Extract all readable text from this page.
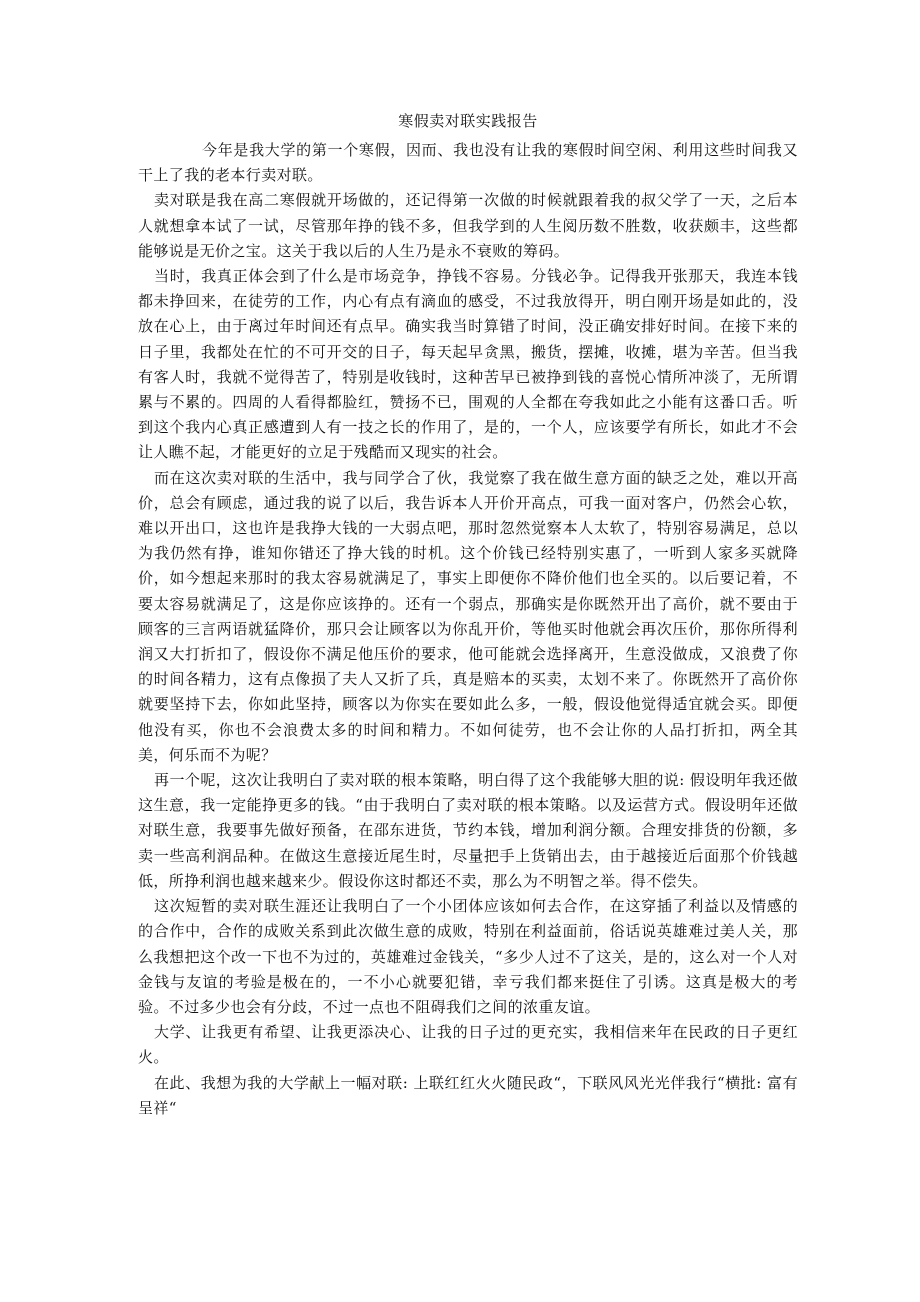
寒假卖对联实践报告

今年是我大学的第一个寒假，因而、我也没有让我的寒假时间空闲、利用这些时间我又干上了我的老本行卖对联。

卖对联是我在高二寒假就开场做的，还记得第一次做的时候就跟着我的叔父学了一天，之后本人就想拿本试了一试，尽管那年挣的钱不多，但我学到的人生阅历数不胜数，收获颇丰，这些都能够说是无价之宝。这关于我以后的人生乃是永不衰败的筹码。

当时，我真正体会到了什么是市场竞争，挣钱不容易。分钱必争。记得我开张那天，我连本钱都未挣回来，在徒劳的工作，内心有点有滴血的感受，不过我放得开，明白刚开场是如此的，没放在心上，由于离过年时间还有点早。确实我当时算错了时间，没正确安排好时间。在接下来的日子里，我都处在忙的不可开交的日子，每天起早贪黑，搬货，摆摊，收摊，堪为辛苦。但当我有客人时，我就不觉得苦了，特别是收钱时，这种苦早已被挣到钱的喜悦心情所冲淡了，无所谓累与不累的。四周的人看得都脸红，赞扬不已，围观的人全都在夸我如此之小能有这番口舌。听到这个我内心真正感遭到人有一技之长的作用了，是的，一个人，应该要学有所长，如此才不会让人瞧不起，才能更好的立足于残酷而又现实的社会。

而在这次卖对联的生活中，我与同学合了伙，我觉察了我在做生意方面的缺乏之处，难以开高价，总会有顾虑，通过我的说了以后，我告诉本人开价开高点，可我一面对客户，仍然会心软，难以开出口，这也许是我挣大钱的一大弱点吧，那时忽然觉察本人太软了，特别容易满足，总以为我仍然有挣，谁知你错还了挣大钱的时机。这个价钱已经特别实惠了，一听到人家多买就降价，如今想起来那时的我太容易就满足了，事实上即便你不降价他们也全买的。以后要记着，不要太容易就满足了，这是你应该挣的。还有一个弱点，那确实是你既然开出了高价，就不要由于顾客的三言两语就猛降价，那只会让顾客以为你乱开价，等他买时他就会再次压价，那你所得利润又大打折扣了，假设你不满足他压价的要求，他可能就会选择离开，生意没做成，又浪费了你的时间各精力，这有点像损了夫人又折了兵，真是赔本的买卖，太划不来了。你既然开了高价你就要坚持下去，你如此坚持，顾客以为你实在要如此么多，一般，假设他觉得适宜就会买。即便他没有买，你也不会浪费太多的时间和精力。不如何徒劳，也不会让你的人品打折扣，两全其美，何乐而不为呢？

再一个呢，这次让我明白了卖对联的根本策略，明白得了这个我能够大胆的说: 假设明年我还做这生意，我一定能挣更多的钱。“由于我明白了卖对联的根本策略。以及运营方式。假设明年还做对联生意，我要事先做好预备，在邵东进货，节约本钱，增加利润分额。合理安排货的份额，多卖一些高利润品种。在做这生意接近尾生时，尽量把手上货销出去，由于越接近后面那个价钱越低，所挣利润也越来越来少。假设你这时都还不卖，那么为不明智之举。得不偿失。

这次短暂的卖对联生涯还让我明白了一个小团体应该如何去合作，在这穿插了利益以及情感的的合作中，合作的成败关系到此次做生意的成败，特别在利益面前，俗话说英雄难过美人关，那么我想把这个改一下也不为过的，英雄难过金钱关，“多少人过不了这关，是的，这么对一个人对金钱与友谊的考验是极在的，一不小心就要犯错，幸亏我们都来挺住了引诱。这真是极大的考验。不过多少也会有分歧，不过一点也不阻碍我们之间的浓重友谊。

大学、让我更有希望、让我更添决心、让我的日子过的更充实，我相信来年在民政的日子更红火。

在此、我想为我的大学献上一幅对联: 上联红红火火随民政“，下联风风光光伴我行“横批: 富有呈祥“
